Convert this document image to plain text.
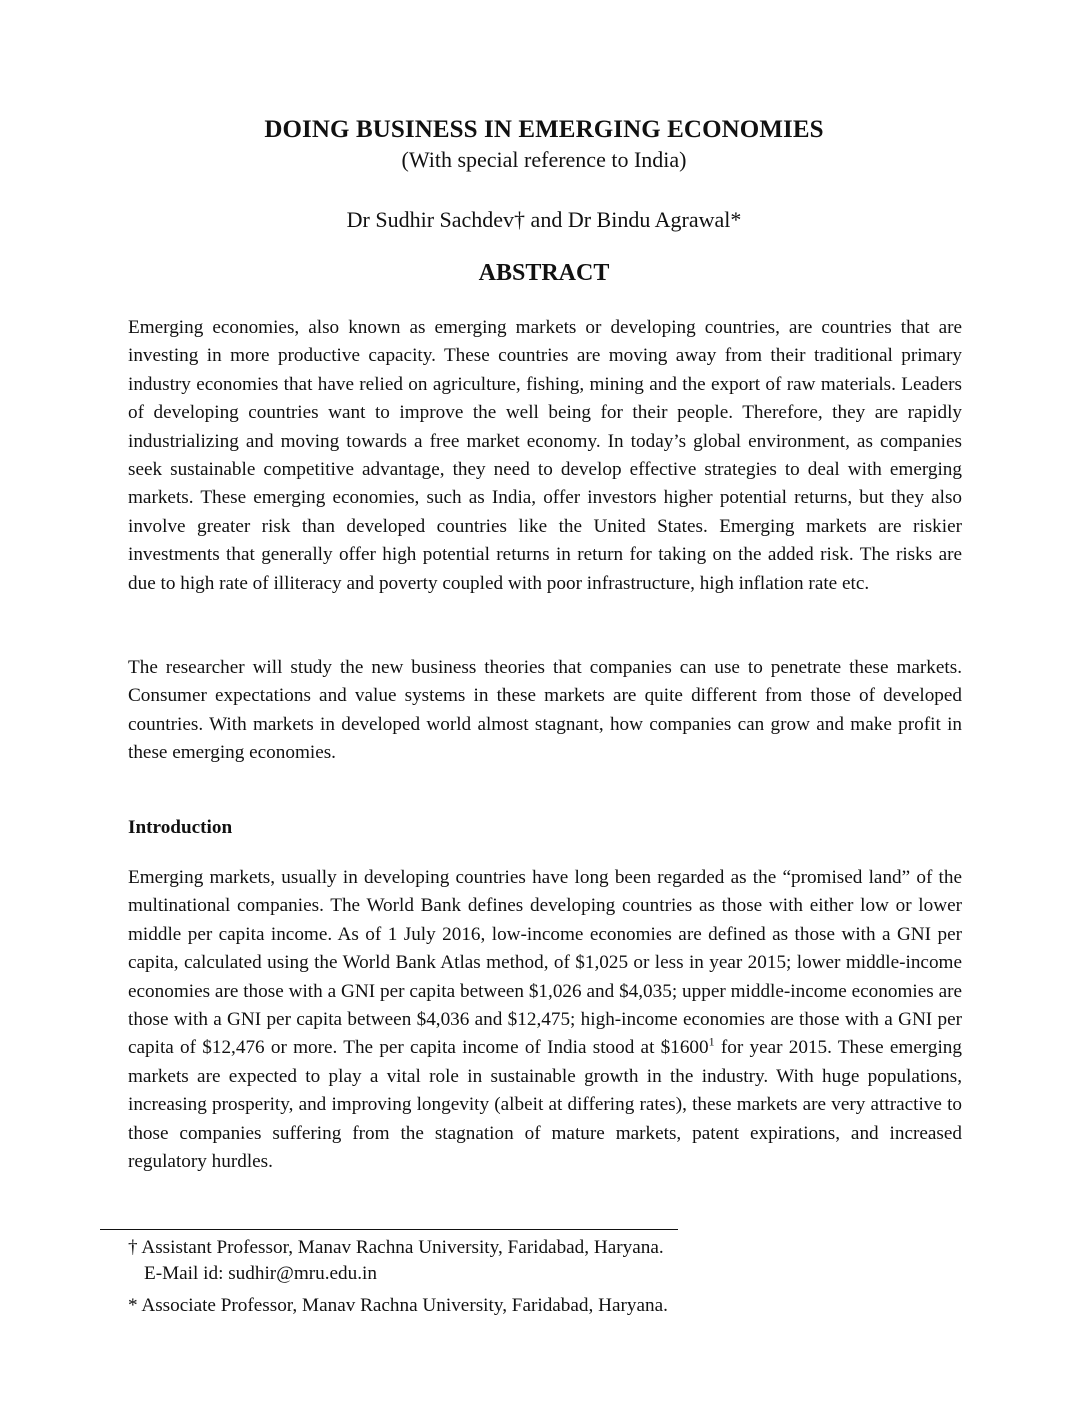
DOING BUSINESS IN EMERGING ECONOMIES
(With special reference to India)
Dr Sudhir Sachdev† and Dr Bindu Agrawal*
ABSTRACT

Emerging economies, also known as emerging markets or developing countries, are countries that are investing in more productive capacity. These countries are moving away from their traditional primary industry economies that have relied on agriculture, fishing, mining and the export of raw materials. Leaders of developing countries want to improve the well being for their people. Therefore, they are rapidly industrializing and moving towards a free market economy. In today’s global environment, as companies seek sustainable competitive advantage, they need to develop effective strategies to deal with emerging markets. These emerging economies, such as India, offer investors higher potential returns, but they also involve greater risk than developed countries like the United States. Emerging markets are riskier investments that generally offer high potential returns in return for taking on the added risk. The risks are due to high rate of illiteracy and poverty coupled with poor infrastructure, high inflation rate etc.

The researcher will study the new business theories that companies can use to penetrate these markets. Consumer expectations and value systems in these markets are quite different from those of developed countries. With markets in developed world almost stagnant, how companies can grow and make profit in these emerging economies.

Introduction

Emerging markets, usually in developing countries have long been regarded as the “promised land” of the multinational companies. The World Bank defines developing countries as those with either low or lower middle per capita income. As of 1 July 2016, low-income economies are defined as those with a GNI per capita, calculated using the World Bank Atlas method, of $1,025 or less in year 2015; lower middle-income economies are those with a GNI per capita between $1,026 and $4,035; upper middle-income economies are those with a GNI per capita between $4,036 and $12,475; high-income economies are those with a GNI per capita of $12,476 or more. The per capita income of India stood at $1600$^1$ for year 2015. These emerging markets are expected to play a vital role in sustainable growth in the industry. With huge populations, increasing prosperity, and improving longevity (albeit at differing rates), these markets are very attractive to those companies suffering from the stagnation of mature markets, patent expirations, and increased regulatory hurdles.

† Assistant Professor, Manav Rachna University, Faridabad, Haryana.
E-Mail id: sudhir@mru.edu.in
* Associate Professor, Manav Rachna University, Faridabad, Haryana.
